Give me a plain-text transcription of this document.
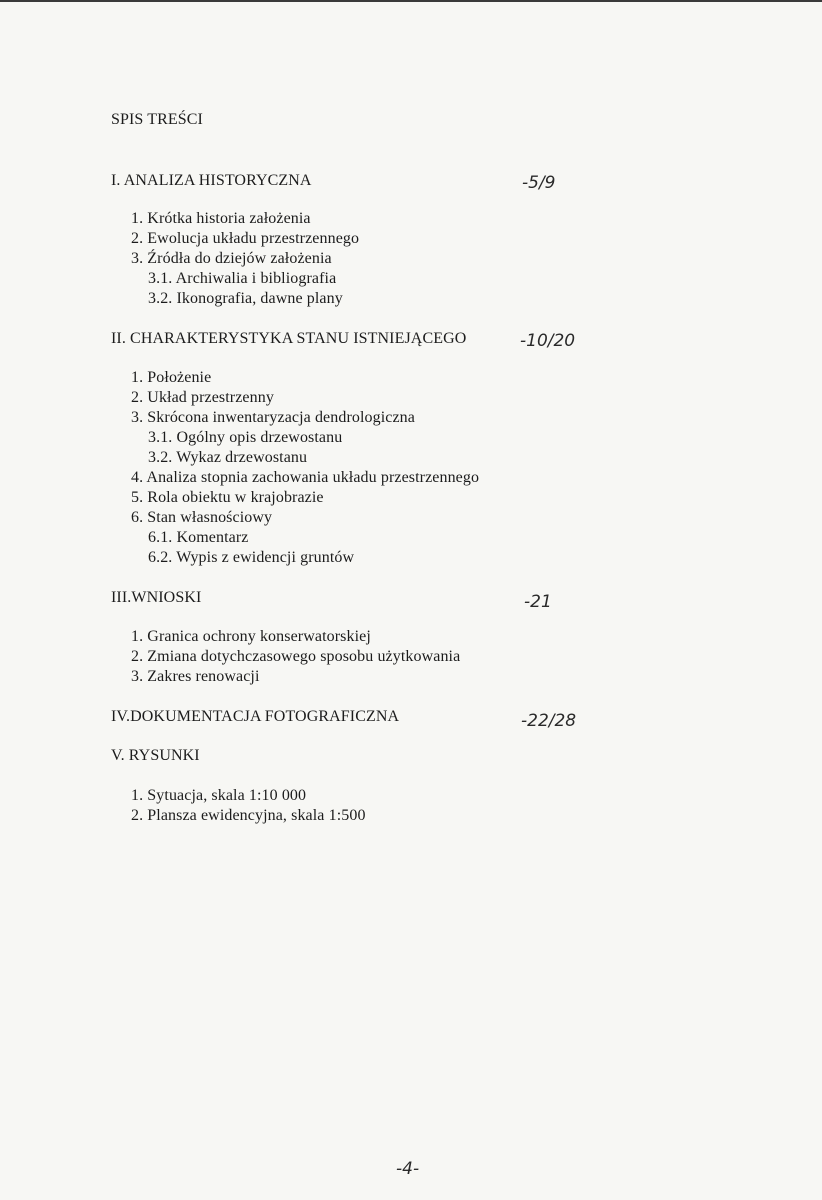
SPIS TREŚCI
I. ANALIZA HISTORYCZNA	-5/9
1. Krótka historia założenia
2. Ewolucja układu przestrzennego
3. Źródła do dziejów założenia
3.1. Archiwalia i bibliografia
3.2. Ikonografia, dawne plany
II. CHARAKTERYSTYKA STANU ISTNIEJĄCEGO	-10/20
1. Położenie
2. Układ przestrzenny
3. Skrócona inwentaryzacja dendrologiczna
3.1. Ogólny opis drzewostanu
3.2. Wykaz drzewostanu
4. Analiza stopnia zachowania układu przestrzennego
5. Rola obiektu w krajobrazie
6. Stan własnościowy
6.1. Komentarz
6.2. Wypis z ewidencji gruntów
III.WNIOSKI	-21
1. Granica ochrony konserwatorskiej
2. Zmiana dotychczasowego sposobu użytkowania
3. Zakres renowacji
IV.DOKUMENTACJA FOTOGRAFICZNA	-22/28
V. RYSUNKI
1. Sytuacja, skala 1:10 000
2. Plansza ewidencyjna, skala 1:500
-4-
